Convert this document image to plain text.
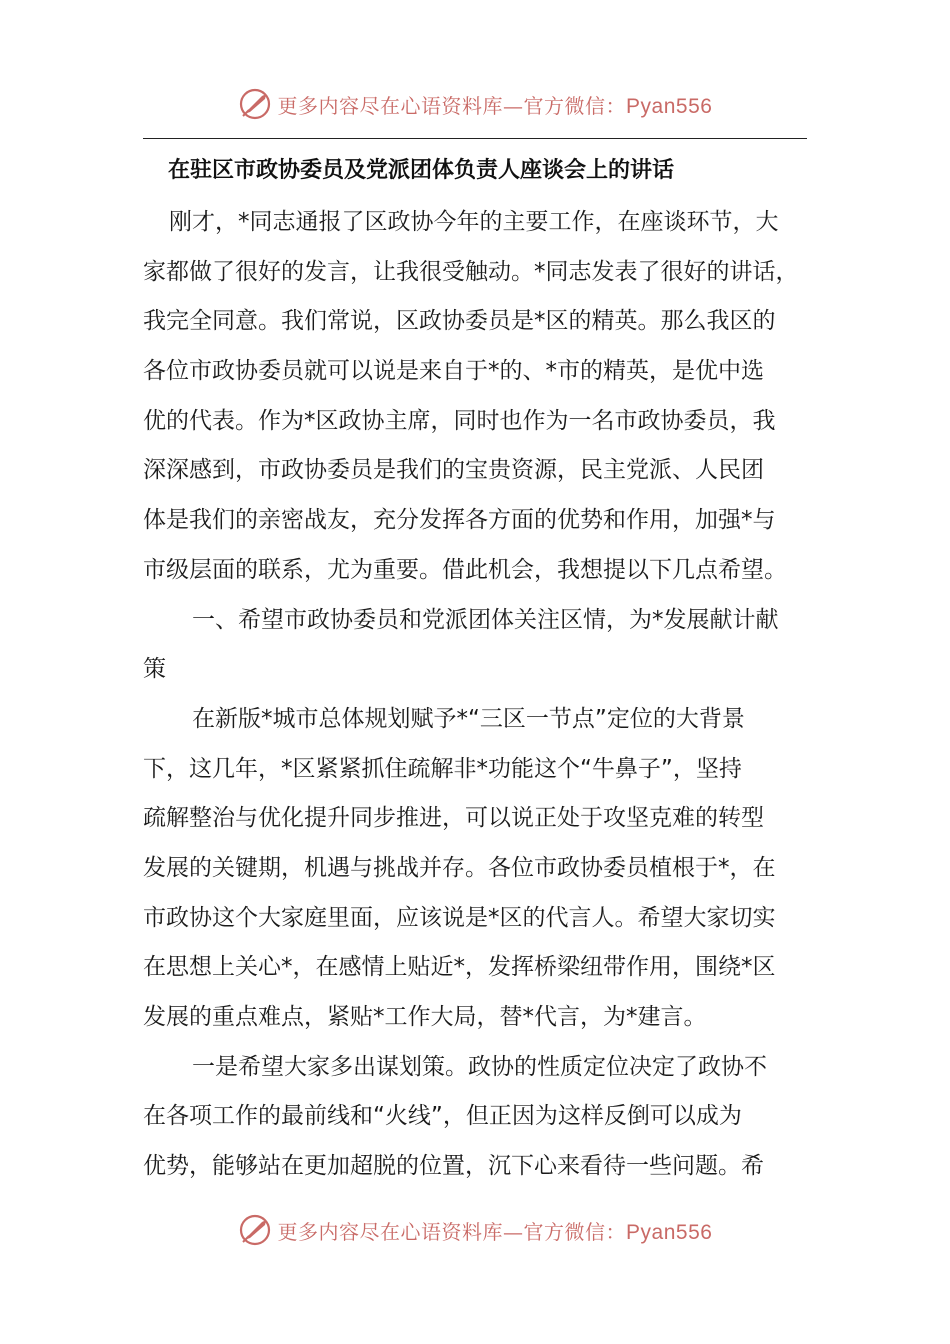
更多内容尽在心语资料库—官方微信：Pyan556
在驻区市政协委员及党派团体负责人座谈会上的讲话

刚才，*同志通报了区政协今年的主要工作，在座谈环节，大

家都做了很好的发言，让我很受触动。*同志发表了很好的讲话，

我完全同意。我们常说，区政协委员是*区的精英。那么我区的

各位市政协委员就可以说是来自于*的、*市的精英，是优中选

优的代表。作为*区政协主席，同时也作为一名市政协委员，我

深深感到，市政协委员是我们的宝贵资源，民主党派、人民团

体是我们的亲密战友，充分发挥各方面的优势和作用，加强*与

市级层面的联系，尤为重要。借此机会，我想提以下几点希望。

一、希望市政协委员和党派团体关注区情，为*发展献计献

策

在新版*城市总体规划赋予*“三区一节点”定位的大背景

下，这几年，*区紧紧抓住疏解非*功能这个“牛鼻子”，坚持

疏解整治与优化提升同步推进，可以说正处于攻坚克难的转型

发展的关键期，机遇与挑战并存。各位市政协委员植根于*，在

市政协这个大家庭里面，应该说是*区的代言人。希望大家切实

在思想上关心*，在感情上贴近*，发挥桥梁纽带作用，围绕*区

发展的重点难点，紧贴*工作大局，替*代言，为*建言。

一是希望大家多出谋划策。政协的性质定位决定了政协不

在各项工作的最前线和“火线”，但正因为这样反倒可以成为

优势，能够站在更加超脱的位置，沉下心来看待一些问题。希

更多内容尽在心语资料库—官方微信：Pyan556
